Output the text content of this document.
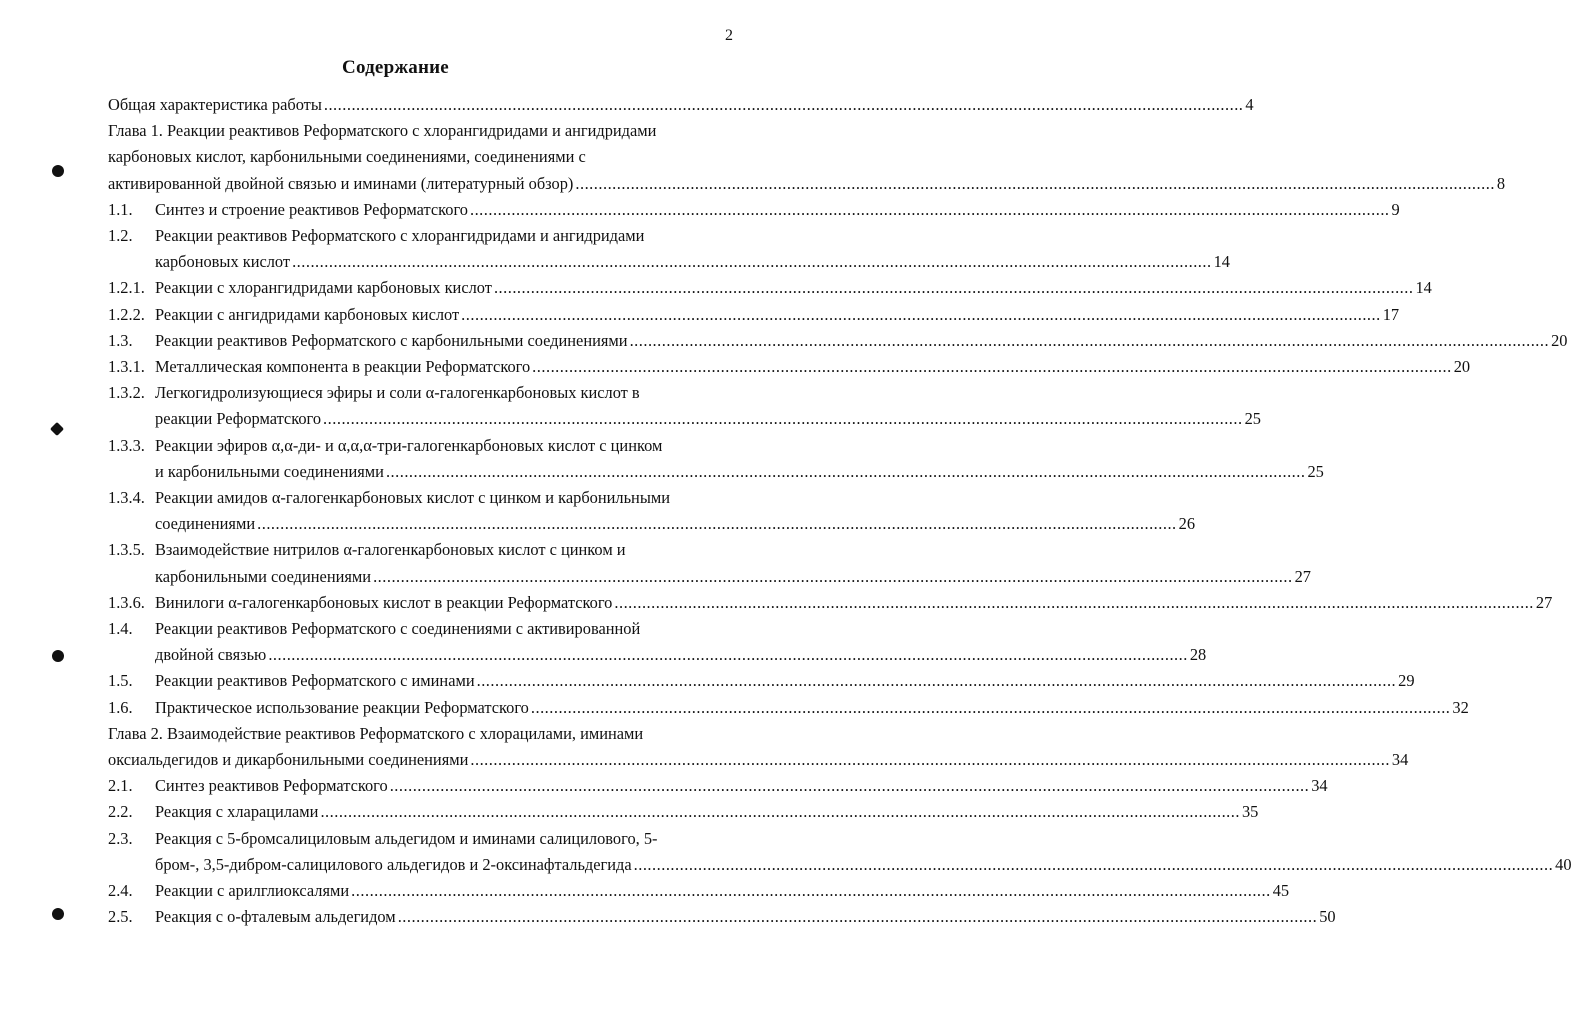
2
Содержание
Общая характеристика работы ........................................................................................................................................................................................................ 4
Глава 1. Реакции реактивов Реформатского с хлорангидридами и ангидридами
карбоновых кислот, карбонильными соединениями, соединениями с
активированной двойной связью и иминами (литературный обзор) ........................................................................................................................................................................................................ 8
1.1.	Синтез и строение реактивов Реформатского ........................................................................................................................................................................................................ 9
1.2.	Реакции реактивов Реформатского с хлорангидридами и ангидридами
карбоновых кислот ........................................................................................................................................................................................................ 14
1.2.1. Реакции с хлорангидридами карбоновых кислот ........................................................................................................................................................................................................ 14
1.2.2. Реакции с ангидридами карбоновых кислот ........................................................................................................................................................................................................ 17
1.3.	Реакции реактивов Реформатского с карбонильными соединениями ........................................................................................................................................................................................................ 20
1.3.1. Металлическая компонента в реакции Реформатского ........................................................................................................................................................................................................ 20
1.3.2. Легкогидролизующиеся эфиры и соли α-галогенкарбоновых кислот в
реакции Реформатского ........................................................................................................................................................................................................ 25
1.3.3. Реакции эфиров α,α-ди- и α,α,α-три-галогенкарбоновых кислот с цинком
и карбонильными соединениями ........................................................................................................................................................................................................ 25
1.3.4. Реакции амидов α-галогенкарбоновых кислот с цинком и карбонильными
соединениями ........................................................................................................................................................................................................ 26
1.3.5. Взаимодействие нитрилов α-галогенкарбоновых кислот с цинком и
карбонильными соединениями ........................................................................................................................................................................................................ 27
1.3.6. Винилоги α-галогенкарбоновых кислот в реакции Реформатского ........................................................................................................................................................................................................ 27
1.4.	Реакции реактивов Реформатского с соединениями с активированной
двойной связью ........................................................................................................................................................................................................ 28
1.5.	Реакции реактивов Реформатского с иминами ........................................................................................................................................................................................................ 29
1.6.	Практическое использование реакции Реформатского ........................................................................................................................................................................................................ 32
Глава 2. Взаимодействие реактивов Реформатского с хлорацилами, иминами
оксиальдегидов и дикарбонильными соединениями ........................................................................................................................................................................................................ 34
2.1.	Синтез реактивов Реформатского ........................................................................................................................................................................................................ 34
2.2.	Реакция с хларацилами ........................................................................................................................................................................................................ 35
2.3.	Реакция с 5-бромсалициловым альдегидом и иминами салицилового, 5-
бром-, 3,5-дибром-салицилового альдегидов и 2-оксинафтальдегида ........................................................................................................................................................................................................ 40
2.4.	Реакции с арилглиоксалями ........................................................................................................................................................................................................ 45
2.5.	Реакция с о-фталевым альдегидом ........................................................................................................................................................................................................ 50
